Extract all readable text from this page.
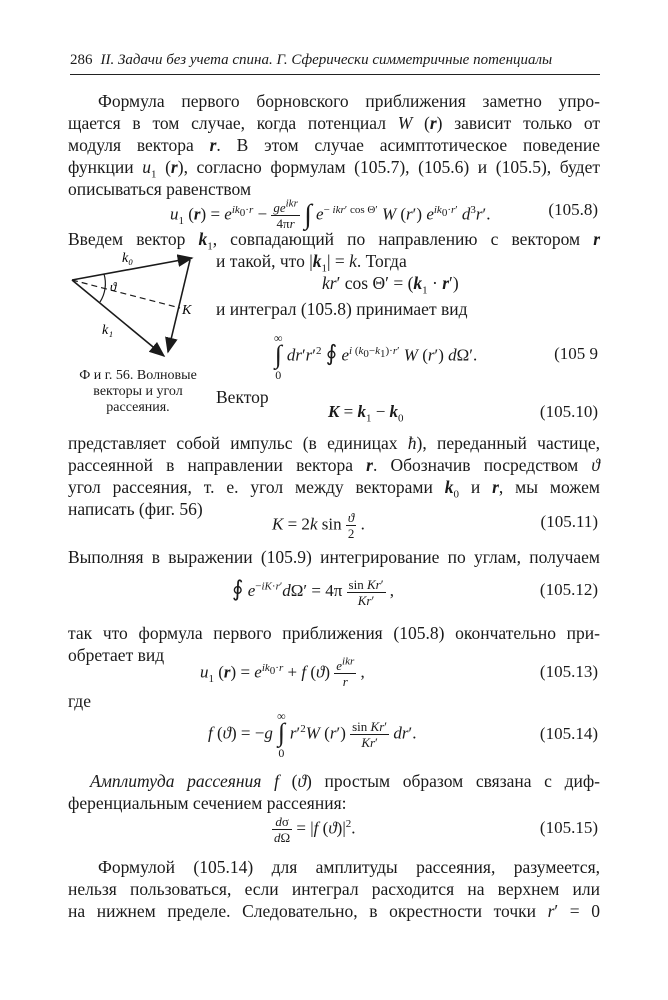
286 II. Задачи без учета спина. Г. Сферически симметричные потенциалы
Формула первого борновского приближения заметно упро-
щается в том случае, когда потенциал W (r) зависит только от
модуля вектора r. В этом случае асимптотическое поведение
функции $u_1$ (r), согласно формулам (105.7), (105.6) и (105.5), будет
описываться равенством
$u_1$ $(r) = e^{ik_0\cdot r} - \frac{ge^{ikr}}{4\pi r}$ ∫ $e^{- ikr' cos \Theta'}$ W (r′) $e^{ik_0\cdot r'}$ $d^3r'$.	(105.8)
Введем вектор $k_1$, совпадающий по направлению с вектором r
и такой, что $|k_1| = k$. Тогда
kr′ $\cos \Theta' = (k_1 \cdot r')$
и интеграл (105.8) принимает вид
∞
∫
0 $dr'r'^2$ ∮ $e^{i (k_0-k_1)\cdot r'}$ W (r′) dΩ′.	(105 9
k₀
k₁
K
ϑ
Ф и г. 56. Волновые векторы и угол рассеяния.
Вектор
$K = k_1 - k_0$	(105.10)
представляет собой импульс (в единицах ħ), переданный частице,
рассеянной в направлении вектора r. Обозначив посредством ϑ
угол рассеяния, т. е. угол между векторами $k_0$ и r, мы можем
написать (фиг. 56)
K = 2k $\sin \frac{ϑ}{2}$ .	(105.11)
Выполняя в выражении (105.9) интегрирование по углам, получаем
∮ $e^{-iK\cdot r'}d\Omega' = 4\pi \frac{\text{sin Kr′}}{Kr'}$ ,	(105.12)
так что формула первого приближения (105.8) окончательно при-
обретает вид
$u_1$ $(r) = e^{ik_0\cdot r} + f$ $(ϑ) \frac{e^{ikr}}{r}$ ,	(105.13)
где
f (ϑ) = −g ∞
∫
0 $r'^2W$ $(r') \frac{\text{sin Kr′}}{Kr'} dr'$.	(105.14)
Амплитуда рассеяния f (ϑ) простым образом связана с диф-
ференциальным сечением рассеяния:
$\frac{d\sigma}{d\Omega} = |f$ $(ϑ)|^2$.	(105.15)
Формулой (105.14) для амплитуды рассеяния, разумеется,
нельзя пользоваться, если интеграл расходится на верхнем или
на нижнем пределе. Следовательно, в окрестности точки r′ = 0
